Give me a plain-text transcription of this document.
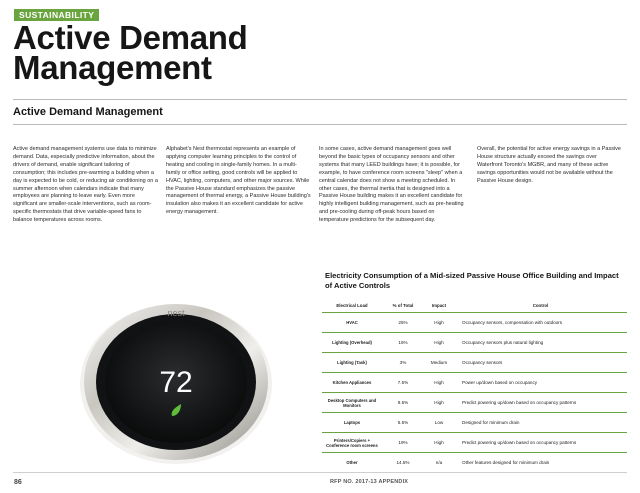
SUSTAINABILITY
Active Demand
Management
Active Demand Management

Active demand management systems use data to minimize demand. Data, especially predictive information, about the drivers of demand, enable significant tailoring of consumption; this includes pre-warming a building when a day is expected to be cold, or reducing air conditioning on a summer afternoon when calendars indicate that many employees are planning to leave early. Even more significant are smaller-scale interventions, such as room-specific thermostats that drive variable-speed fans to balance temperatures across rooms.

Alphabet's Nest thermostat represents an example of applying computer learning principles to the control of heating and cooling in single-family homes. In a multi-family or office setting, good controls will be applied to HVAC, lighting, computers, and other major sources. While the Passive House standard emphasizes the passive management of thermal energy, a Passive House building's insulation also makes it an excellent candidate for active energy management.

In some cases, active demand management goes well beyond the basic types of occupancy sensors and other systems that many LEED buildings have; it is possible, for example, to have conference room screens "sleep" when a central calendar does not show a meeting scheduled. In other cases, the thermal inertia that is designed into a Passive House building makes it an excellent candidate for highly intelligent building management, such as pre-heating and pre-cooling during off-peak hours based on temperature predictions for the subsequent day.

Overall, the potential for active energy savings in a Passive House structure actually exceed the savings over Waterfront Toronto's MGBR, and many of these active savings opportunities would not be available without the Passive House design.

nest
72

Electricity Consumption of a Mid-sized Passive House Office Building and Impact of Active Controls

Electrical Load	% of Total	Impact	Control
HVAC	25%	High	Occupancy sensors, compensation with outdoors
Lighting (Overhead)	16%	High	Occupancy sensors plus natural lighting
Lighting (Task)	3%	Medium	Occupancy sensors
Kitchen Appliances	7.5%	High	Power up/down based on occupancy
Desktop Computers and Monitors	9.5%	High	Predict powering up/down based on occupancy patterns
Laptops	6.5%	Low	Designed for minimum drain
Printers/Copiers + Conference room screens	19%	High	Predict powering up/down based on occupancy patterns
Other	14.5%	n/a	Other features designed for minimum drain
86	RFP NO. 2017-13 APPENDIX
